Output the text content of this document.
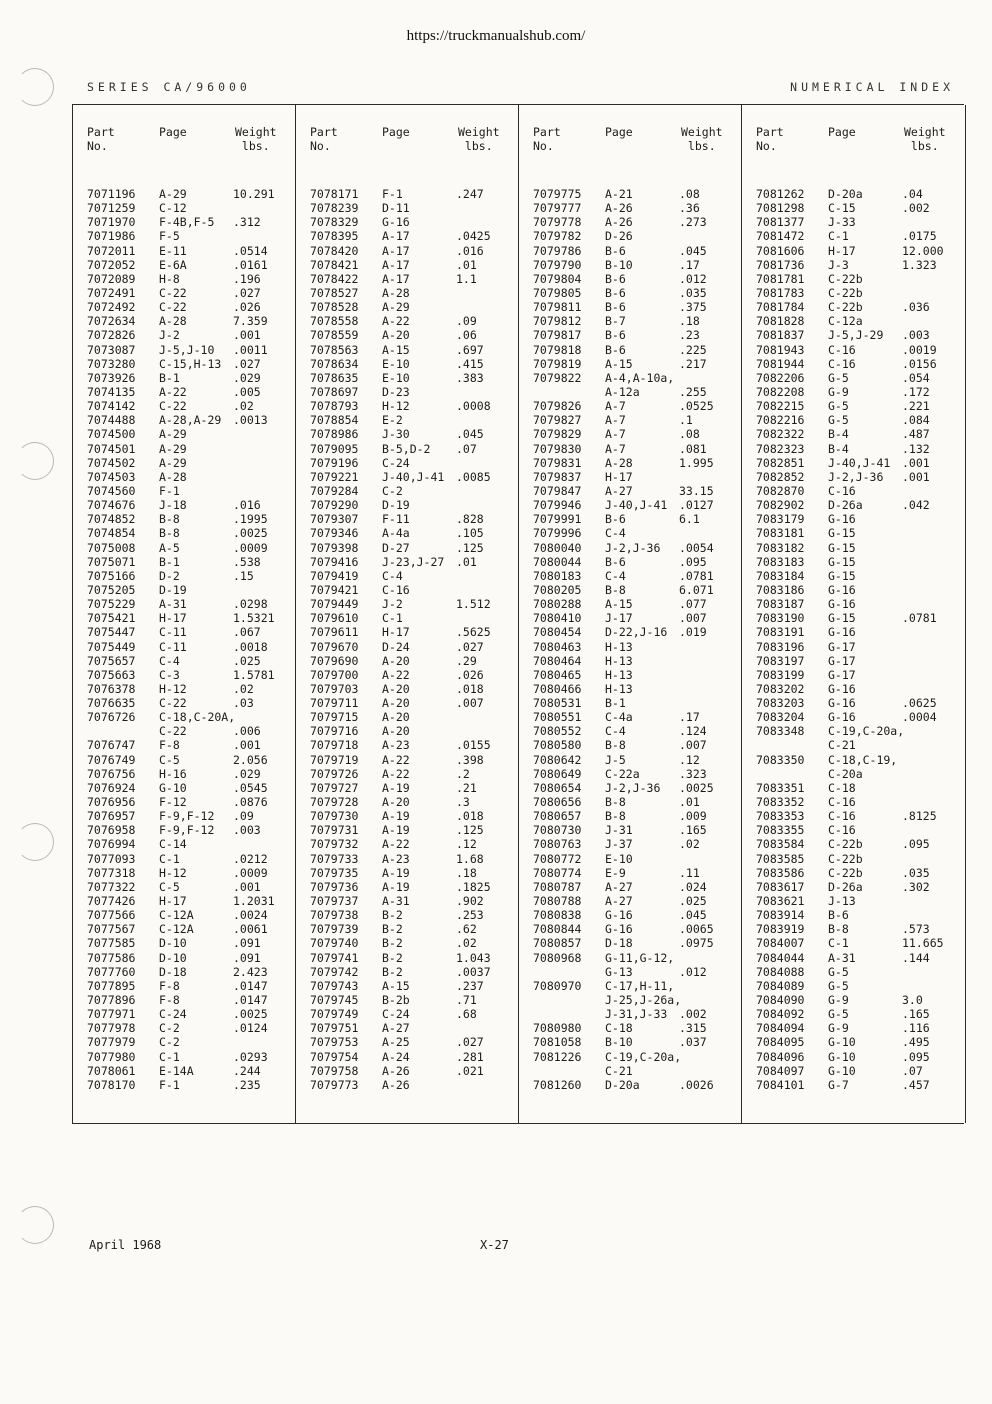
https://truckmanualshub.com/
SERIES CA/96000	NUMERICAL INDEX
Part
No.
Page	Weight
lbs.
7071196 A-29	10.291
7071259 C-12
7071970 F-4B,F-5 .312
7071986 F-5
7072011 E-11	.0514
7072052 E-6A	.0161
7072089 H-8	.196
7072491 C-22	.027
7072492 C-22	.026
7072634 A-28	7.359
7072826 J-2	.001
7073087 J-5,J-10 .0011
7073280 C-15,H-13 .027
7073926 B-1	.029
7074135 A-22	.005
7074142 C-22	.02
7074488 A-28,A-29 .0013
7074500 A-29
7074501 A-29
7074502 A-29
7074503 A-28
7074560 F-1
7074676 J-18	.016
7074852 B-8	.1995
7074854 B-8	.0025
7075008 A-5	.0009
7075071 B-1	.538
7075166 D-2	.15
7075205 D-19
7075229 A-31	.0298
7075421 H-17	1.5321
7075447 C-11	.067
7075449 C-11	.0018
7075657 C-4	.025
7075663 C-3	1.5781
7076378 H-12	.02
7076635 C-22	.03
7076726 C-18,C-20A,
C-22	.006
7076747 F-8	.001
7076749 C-5	2.056
7076756 H-16	.029
7076924 G-10	.0545
7076956 F-12	.0876
7076957 F-9,F-12 .09
7076958 F-9,F-12 .003
7076994 C-14
7077093 C-1	.0212
7077318 H-12	.0009
7077322 C-5	.001
7077426 H-17	1.2031
7077566 C-12A	.0024
7077567 C-12A	.0061
7077585 D-10	.091
7077586 D-10	.091
7077760 D-18	2.423
7077895 F-8	.0147
7077896 F-8	.0147
7077971 C-24	.0025
7077978 C-2	.0124
7077979 C-2
7077980 C-1	.0293
7078061 E-14A	.244
7078170 F-1	.235
Part
No.
Page	Weight
lbs.
7078171 F-1	.247
7078239 D-11
7078329 G-16
7078395 A-17	.0425
7078420 A-17	.016
7078421 A-17	.01
7078422 A-17	1.1
7078527 A-28
7078528 A-29
7078558 A-22	.09
7078559 A-20	.06
7078563 A-15	.697
7078634 E-10	.415
7078635 E-10	.383
7078697 D-23
7078793 H-12	.0008
7078854 E-2
7078986 J-30	.045
7079095 B-5,D-2 .07
7079196 C-24
7079221 J-40,J-41 .0085
7079284 C-2
7079290 D-19
7079307 F-11	.828
7079346 A-4a	.105
7079398 D-27	.125
7079416 J-23,J-27 .01
7079419 C-4
7079421 C-16
7079449 J-2	1.512
7079610 C-1
7079611 H-17	.5625
7079670 D-24	.027
7079690 A-20	.29
7079700 A-22	.026
7079703 A-20	.018
7079711 A-20	.007
7079715 A-20
7079716 A-20
7079718 A-23	.0155
7079719 A-22	.398
7079726 A-22	.2
7079727 A-19	.21
7079728 A-20	.3
7079730 A-19	.018
7079731 A-19	.125
7079732 A-22	.12
7079733 A-23	1.68
7079735 A-19	.18
7079736 A-19	.1825
7079737 A-31	.902
7079738 B-2	.253
7079739 B-2	.62
7079740 B-2	.02
7079741 B-2	1.043
7079742 B-2	.0037
7079743 A-15	.237
7079745 B-2b	.71
7079749 C-24	.68
7079751 A-27
7079753 A-25	.027
7079754 A-24	.281
7079758 A-26	.021
7079773 A-26
Part
No.
Page	Weight
lbs.
7079775 A-21	.08
7079777 A-26	.36
7079778 A-26	.273
7079782 D-26
7079786 B-6	.045
7079790 B-10	.17
7079804 B-6	.012
7079805 B-6	.035
7079811 B-6	.375
7079812 B-7	.18
7079817 B-6	.23
7079818 B-6	.225
7079819 A-15	.217
7079822 A-4,A-10a,
A-12a	.255
7079826 A-7	.0525
7079827 A-7	.1
7079829 A-7	.08
7079830 A-7	.081
7079831 A-28	1.995
7079837 H-17
7079847 A-27	33.15
7079946 J-40,J-41 .0127
7079991 B-6	6.1
7079996 C-4
7080040 J-2,J-36 .0054
7080044 B-6	.095
7080183 C-4	.0781
7080205 B-8	6.071
7080288 A-15	.077
7080410 J-17	.007
7080454 D-22,J-16 .019
7080463 H-13
7080464 H-13
7080465 H-13
7080466 H-13
7080531 B-1
7080551 C-4a	.17
7080552 C-4	.124
7080580 B-8	.007
7080642 J-5	.12
7080649 C-22a	.323
7080654 J-2,J-36 .0025
7080656 B-8	.01
7080657 B-8	.009
7080730 J-31	.165
7080763 J-37	.02
7080772 E-10
7080774 E-9	.11
7080787 A-27	.024
7080788 A-27	.025
7080838 G-16	.045
7080844 G-16	.0065
7080857 D-18	.0975
7080968 G-11,G-12,
G-13	.012
7080970 C-17,H-11,
J-25,J-26a,
J-31,J-33 .002
7080980 C-18	.315
7081058 B-10	.037
7081226 C-19,C-20a,
C-21
7081260 D-20a	.0026
Part
No.
Page	Weight
lbs.
7081262 D-20a	.04
7081298 C-15	.002
7081377 J-33
7081472 C-1	.0175
7081606 H-17	12.000
7081736 J-3	1.323
7081781 C-22b
7081783 C-22b
7081784 C-22b	.036
7081828 C-12a
7081837 J-5,J-29 .003
7081943 C-16	.0019
7081944 C-16	.0156
7082206 G-5	.054
7082208 G-9	.172
7082215 G-5	.221
7082216 G-5	.084
7082322 B-4	.487
7082323 B-4	.132
7082851 J-40,J-41 .001
7082852 J-2,J-36 .001
7082870 C-16
7082902 D-26a	.042
7083179 G-16
7083181 G-15
7083182 G-15
7083183 G-15
7083184 G-15
7083186 G-16
7083187 G-16
7083190 G-15	.0781
7083191 G-16
7083196 G-17
7083197 G-17
7083199 G-17
7083202 G-16
7083203 G-16	.0625
7083204 G-16	.0004
7083348 C-19,C-20a,
C-21
7083350 C-18,C-19,
C-20a
7083351 C-18
7083352 C-16
7083353 C-16	.8125
7083355 C-16
7083584 C-22b	.095
7083585 C-22b
7083586 C-22b	.035
7083617 D-26a	.302
7083621 J-13
7083914 B-6
7083919 B-8	.573
7084007 C-1	11.665
7084044 A-31	.144
7084088 G-5
7084089 G-5
7084090 G-9	3.0
7084092 G-5	.165
7084094 G-9	.116
7084095 G-10	.495
7084096 G-10	.095
7084097 G-10	.07
7084101 G-7	.457
April 1968	X-27
